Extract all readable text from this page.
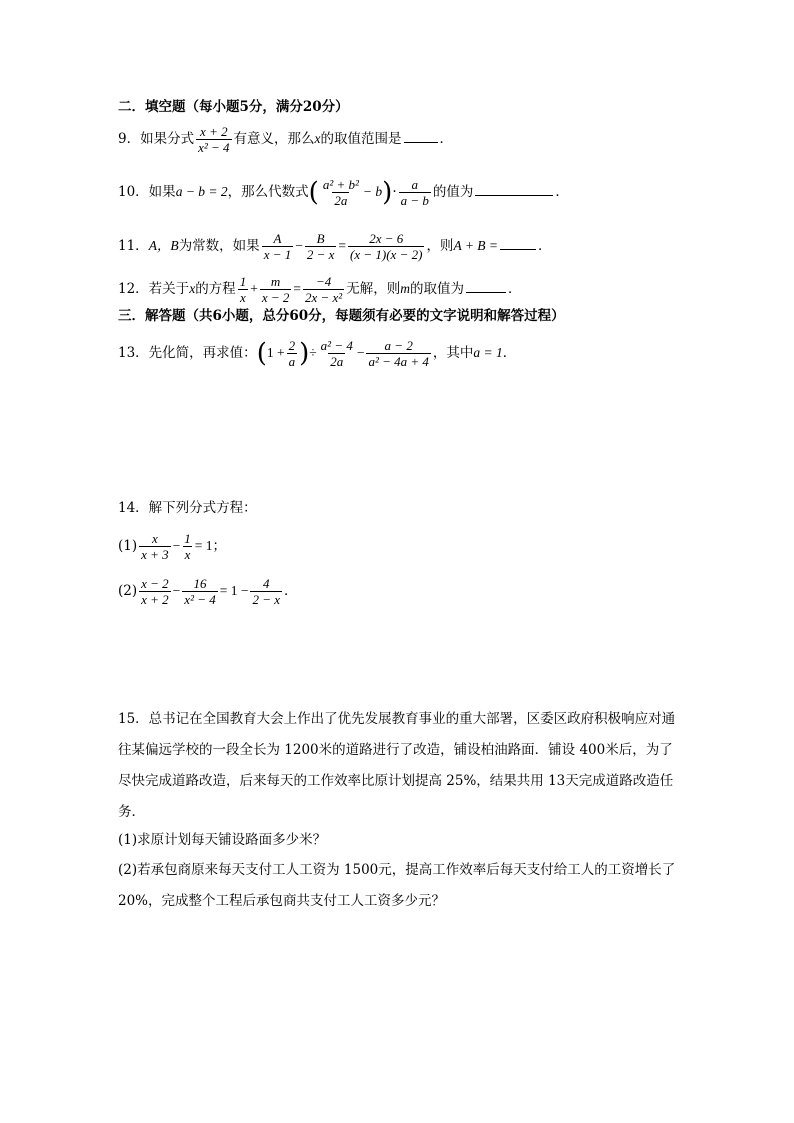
二．填空题（每小题5分，满分20分）
9．如果分式 $\frac{x + 2}{\text{x² − 4}}$ 有意义，那么x的取值范围是	．
10．如果a − b = 2，那么代数式( $\frac{\text{a² + b²}}{2a} - b)\cdot \frac{a}{a - b}$ 的值为	．
11．A，B为常数，如果 $\frac{A}{x - 1} - \frac{B}{2 - x} = \frac{2x - 6}{(x - 1)(x - 2)}$ ，则A + B =	．
12．若关于x的方程 $\frac{1}{x} + \frac{m}{x - 2} = \frac{-4}{\text{2x − x²}}$ 无解，则m的取值为	．
三．解答题（共6小题，总分60分，每题须有必要的文字说明和解答过程）
13．先化简，再求值：($1 + \frac{2}{a}$ )÷ $\frac{\text{a² − 4}}{2a} - \frac{a - 2}{\text{a² − 4a + 4}}$ ，其中a = 1．
14．解下列分式方程：
$(1) \frac{x}{x + 3} - \frac{1}{x} = 1$；
$(2) \frac{x - 2}{x + 2} - \frac{16}{\text{x² − 4}} = 1 - \frac{4}{2 - x}$ ．
15．总书记在全国教育大会上作出了优先发展教育事业的重大部署，区委区政府积极响应对通往某偏远学校的一段全长为 1200米的道路进行了改造，铺设柏油路面．铺设 400米后，为了尽快完成道路改造，后来每天的工作效率比原计划提高 25%，结果共用 13天完成道路改造任务．
(1)求原计划每天铺设路面多少米？
(2)若承包商原来每天支付工人工资为 1500元，提高工作效率后每天支付给工人的工资增长了 20%，完成整个工程后承包商共支付工人工资多少元？
